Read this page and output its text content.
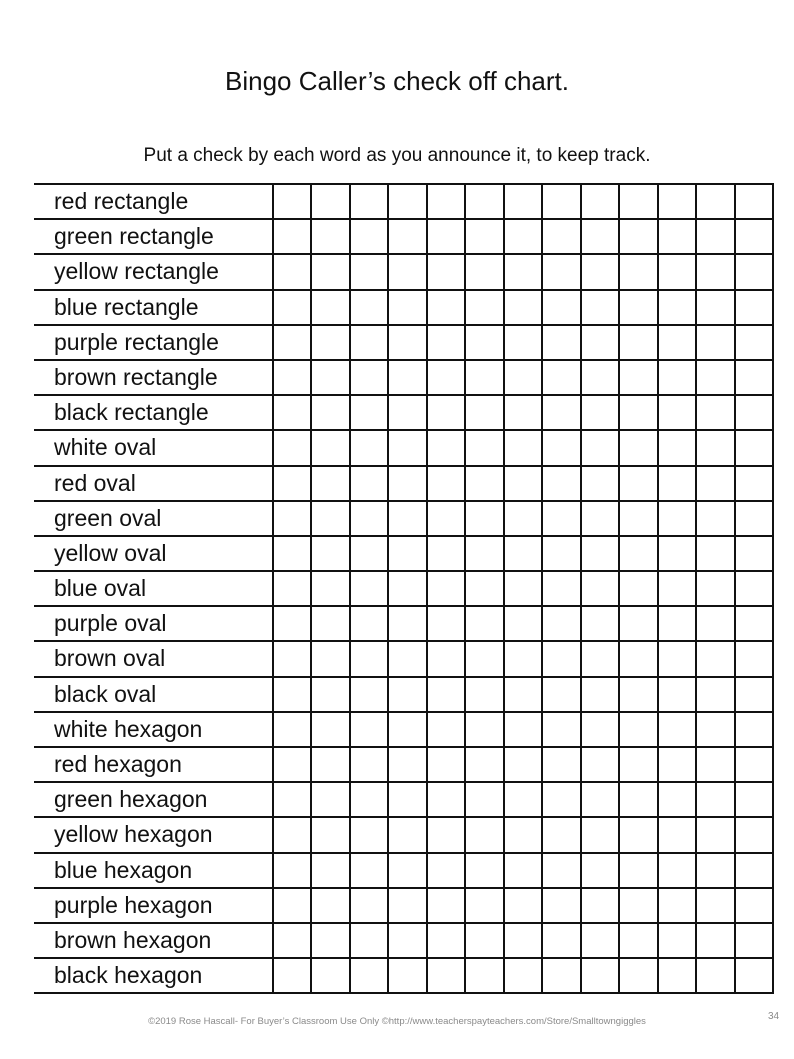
Bingo Caller’s check off chart.
Put a check by each word as you announce it, to keep track.
red rectangle
green rectangle
yellow rectangle
blue rectangle
purple rectangle
brown rectangle
black rectangle
white oval
red oval
green oval
yellow oval
blue oval
purple oval
brown oval
black oval
white hexagon
red hexagon
green hexagon
yellow hexagon
blue hexagon
purple hexagon
brown hexagon
black hexagon
©2019 Rose Hascall- For Buyer’s Classroom Use Only ©http://www.teacherspayteachers.com/Store/Smalltowngiggles	34
